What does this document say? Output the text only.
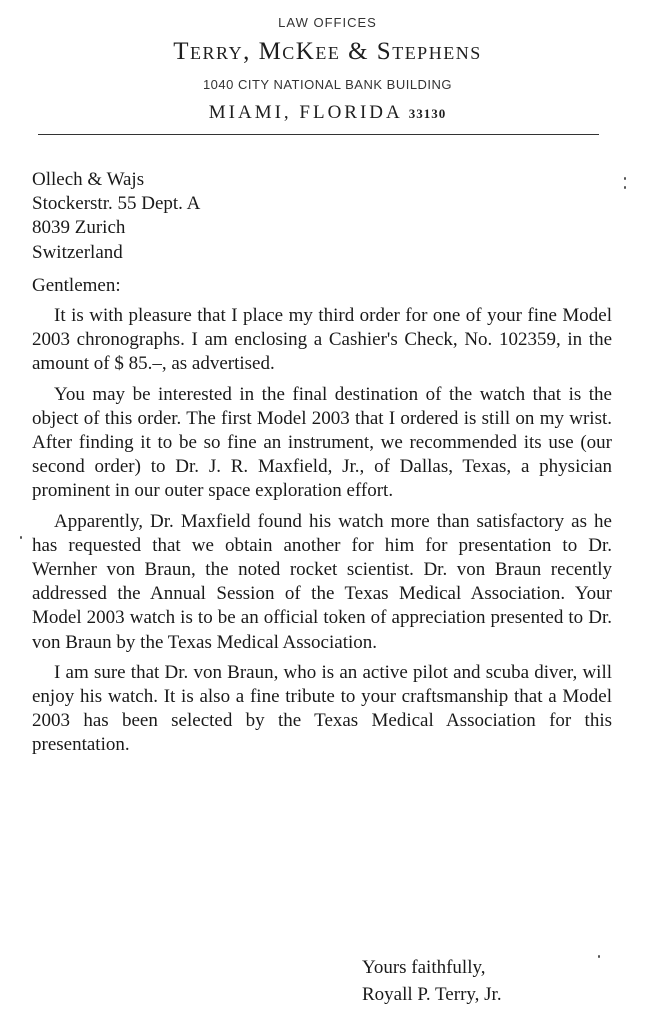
LAW OFFICES
Terry, McKee & Stephens
1040 CITY NATIONAL BANK BUILDING
MIAMI, FLORIDA 33130
Ollech & Wajs
Stockerstr. 55 Dept. A
8039 Zurich
Switzerland
Gentlemen:

It is with pleasure that I place my third order for one of your fine Model 2003 chronographs. I am enclosing a Cashier's Check, No. 102359, in the amount of $ 85.–, as advertised.

You may be interested in the final destination of the watch that is the object of this order. The first Model 2003 that I ordered is still on my wrist. After finding it to be so fine an instrument, we recommended its use (our second order) to Dr. J. R. Maxfield, Jr., of Dallas, Texas, a physician prominent in our outer space exploration effort.

Apparently, Dr. Maxfield found his watch more than satisfactory as he has requested that we obtain another for him for presentation to Dr. Wernher von Braun, the noted rocket scientist. Dr. von Braun recently addressed the Annual Session of the Texas Medical Association. Your Model 2003 watch is to be an official token of appreciation presented to Dr. von Braun by the Texas Medical Association.

I am sure that Dr. von Braun, who is an active pilot and scuba diver, will enjoy his watch. It is also a fine tribute to your craftsmanship that a Model 2003 has been selected by the Texas Medical Association for this presentation.

Yours faithfully,
Royall P. Terry, Jr.
